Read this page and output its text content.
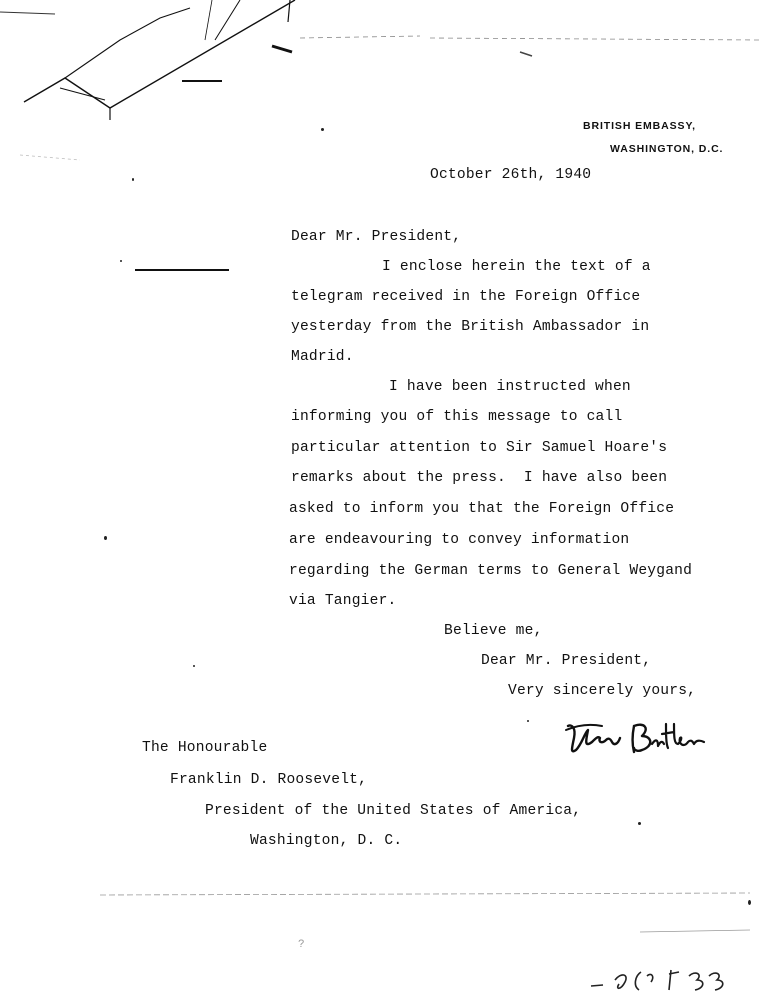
BRITISH EMBASSY,
WASHINGTON, D.C.
October 26th, 1940
Dear Mr. President,
I enclose herein the text of a
telegram received in the Foreign Office
yesterday from the British Ambassador in
Madrid.
I have been instructed when
informing you of this message to call
particular attention to Sir Samuel Hoare's
remarks about the press.  I have also been
asked to inform you that the Foreign Office
are endeavouring to convey information
regarding the German terms to General Weygand
via Tangier.
Believe me,
Dear Mr. President,
Very sincerely yours,
The Honourable
Franklin D. Roosevelt,
President of the United States of America,
Washington, D. C.
?
